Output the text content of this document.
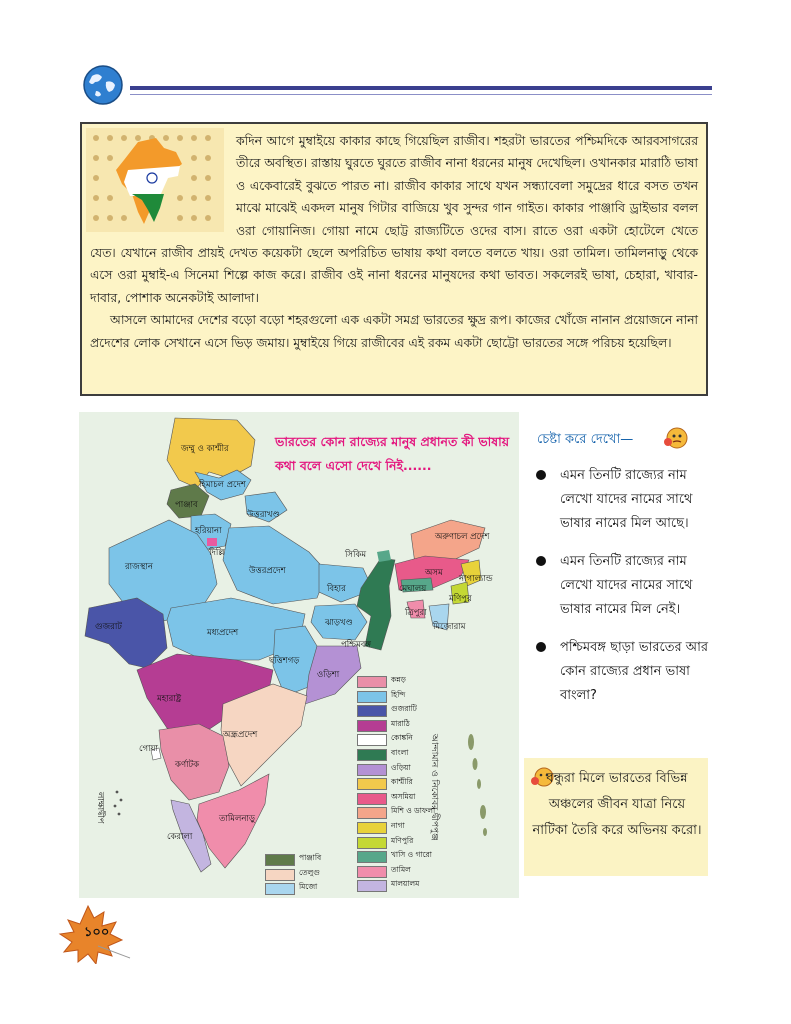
কদিন আগে মুম্বাইয়ে কাকার কাছে গিয়েছিল রাজীব। শহরটা ভারতের পশ্চিমদিকে আরবসাগরের তীরে অবস্থিত। রাস্তায় ঘুরতে ঘুরতে রাজীব নানা ধরনের মানুষ দেখেছিল। ওখানকার মারাঠি ভাষা ও একেবারেই বুঝতে পারত না। রাজীব কাকার সাথে যখন সন্ধ্যাবেলা সমুদ্রের ধারে বসত তখন মাঝে মাঝেই একদল মানুষ গিটার বাজিয়ে খুব সুন্দর গান গাইত। কাকার পাঞ্জাবি ড্রাইভার বলল ওরা গোয়ানিজ। গোয়া নামে ছোট্ট রাজ্যটিতে ওদের বাস। রাতে ওরা একটা হোটেলে খেতে যেত। যেখানে রাজীব প্রায়ই দেখত কয়েকটা ছেলে অপরিচিত ভাষায় কথা বলতে বলতে খায়। ওরা তামিল। তামিলনাড়ু থেকে এসে ওরা মুম্বাই-এ সিনেমা শিল্পে কাজ করে। রাজীব ওই নানা ধরনের মানুষদের কথা ভাবত। সকলেরই ভাষা, চেহারা, খাবার-দাবার, পোশাক অনেকটাই আলাদা।
আসলে আমাদের দেশের বড়ো বড়ো শহরগুলো এক একটা সমগ্র ভারতের ক্ষুদ্র রূপ। কাজের খোঁজে নানান প্রয়োজনে নানা প্রদেশের লোক সেখানে এসে ভিড় জমায়। মুম্বাইয়ে গিয়ে রাজীবের এই রকম একটা ছোট্টো ভারতের সঙ্গে পরিচয় হয়েছিল।
ভারতের কোন রাজ্যের মানুষ প্রধানত কী ভাষায় কথা বলে এসো দেখে নিই......
জম্মু ও কাশ্মীর
হিমাচল প্রদেশ
পাঞ্জাব
উত্তরাখণ্ড
হরিয়ানা
দিল্লি
রাজস্থান	উত্তরপ্রদেশ
বিহার
সিকিম
অরুণাচল প্রদেশ
অসম
নাগাল্যান্ড
মেঘালয়
মণিপুর
ত্রিপুরা
মিজোরাম
গুজরাট
মধ্যপ্রদেশ
ঝাড়খণ্ড
পশ্চিমবঙ্গ
ছত্তিশগড়
ওড়িশা
মহারাষ্ট্র
অন্ধ্রপ্রদেশ
গোয়া
কর্ণাটক
তামিলনাড়ু
কেরালা
লাক্ষাদ্বীপ	আন্দামান ও নিকোবর দ্বীপপুঞ্জ
কন্নড়
হিন্দি
গুজরাটি
মারাঠি
কোঙ্কনি
বাংলা
ওড়িয়া
কাশ্মীরি
অসমিয়া
মিশি ও ডাফলা
নাগা
মণিপুরি
খাসি ও গারো
তামিল
মালয়ালম
পাঞ্জাবি
তেলুগু
মিজো
চেষ্টা করে দেখো—
এমন তিনটি রাজ্যের নাম লেখো যাদের নামের সাথে ভাষার নামের মিল আছে।
এমন তিনটি রাজ্যের নাম লেখো যাদের নামের সাথে ভাষার নামের মিল নেই।
পশ্চিমবঙ্গ ছাড়া ভারতের আর কোন রাজ্যের প্রধান ভাষা বাংলা?
বন্ধুরা মিলে ভারতের বিভিন্ন অঞ্চলের জীবন যাত্রা নিয়ে নাটিকা তৈরি করে অভিনয় করো।
১০০
